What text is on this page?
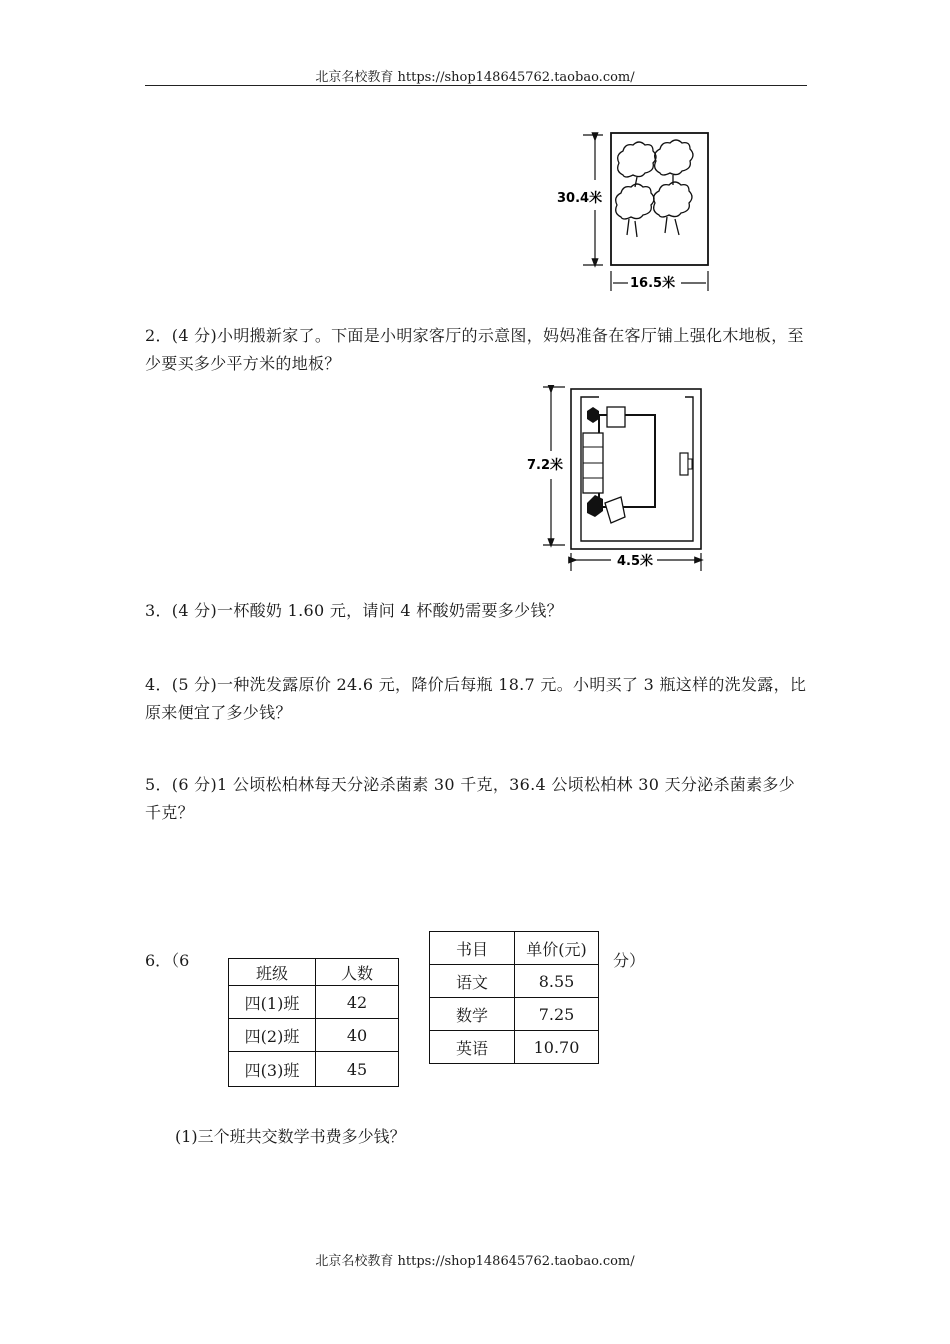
北京名校教育 https://shop148645762.taobao.com/
30.4米
16.5米
2．(4 分)小明搬新家了。下面是小明家客厅的示意图，妈妈准备在客厅铺上强化木地板，至少要买多少平方米的地板？
7.2米
4.5米
3．(4 分)一杯酸奶 1.60 元，请问 4 杯酸奶需要多少钱？
4．(5 分)一种洗发露原价 24.6 元，降价后每瓶 18.7 元。小明买了 3 瓶这样的洗发露，比原来便宜了多少钱？
5．(6 分)1 公顷松柏林每天分泌杀菌素 30 千克，36.4 公顷松柏林 30 天分泌杀菌素多少千克？
6．（6	分）
班级	人数
四(1)班	42
四(2)班	40
四(3)班	45
书目	单价(元)
语文	8.55
数学	7.25
英语	10.70
(1)三个班共交数学书费多少钱？
北京名校教育 https://shop148645762.taobao.com/
